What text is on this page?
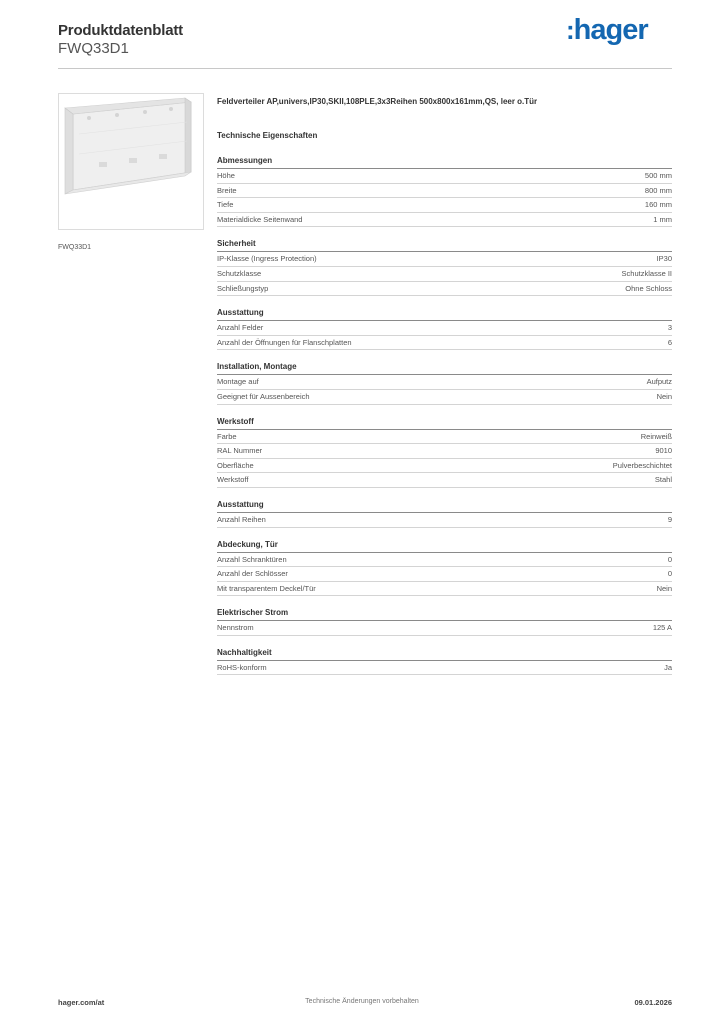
Produktdatenblatt
FWQ33D1
:hager
FWQ33D1
Feldverteiler AP,univers,IP30,SKII,108PLE,3x3Reihen 500x800x161mm,QS, leer o.Tür
Technische Eigenschaften
Abmessungen
Höhe	500 mm
Breite	800 mm
Tiefe	160 mm
Materialdicke Seitenwand	1 mm
Sicherheit
IP-Klasse (Ingress Protection)	IP30
Schutzklasse	Schutzklasse II
Schließungstyp	Ohne Schloss
Ausstattung
Anzahl Felder	3
Anzahl der Öffnungen für Flanschplatten	6
Installation, Montage
Montage auf	Aufputz
Geeignet für Aussenbereich	Nein
Werkstoff
Farbe	Reinweiß
RAL Nummer	9010
Oberfläche	Pulverbeschichtet
Werkstoff	Stahl
Ausstattung
Anzahl Reihen	9
Abdeckung, Tür
Anzahl Schranktüren	0
Anzahl der Schlösser	0
Mit transparentem Deckel/Tür	Nein
Elektrischer Strom
Nennstrom	125 A
Nachhaltigkeit
RoHS-konform	Ja
hager.com/at	Technische Änderungen vorbehalten	09.01.2026
